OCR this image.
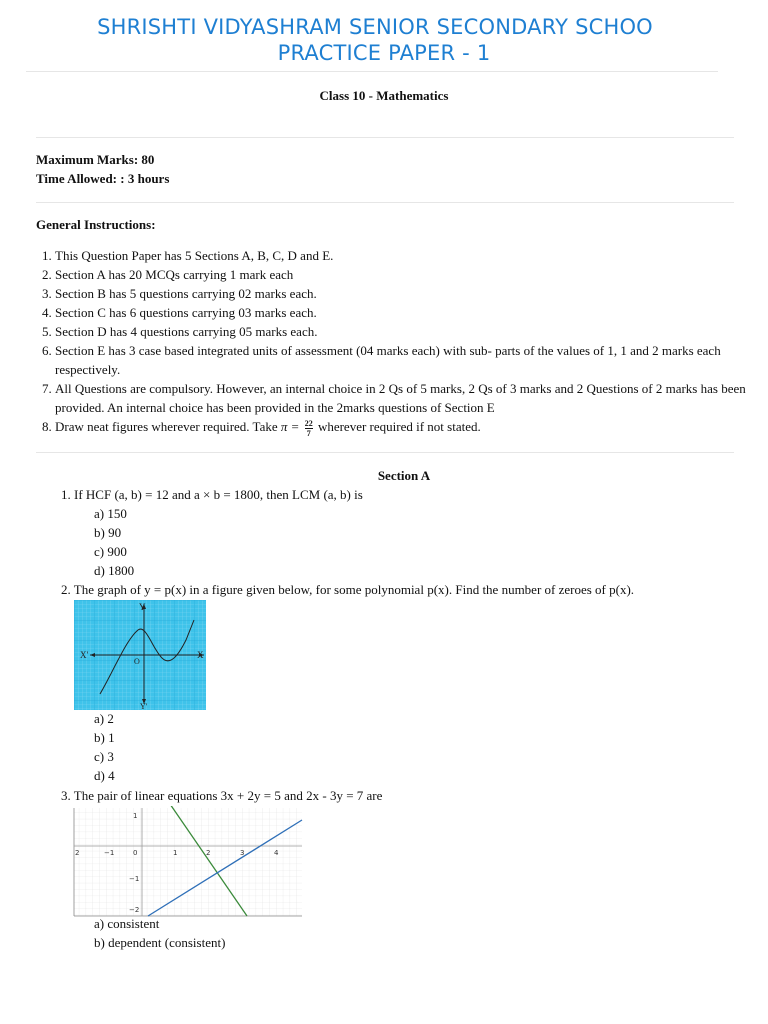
SHRISHTI VIDYASHRAM SENIOR SECONDARY SCHOO
PRACTICE PAPER - 1
Class 10 - Mathematics
Maximum Marks: 80
Time Allowed: : 3 hours
General Instructions:
1. This Question Paper has 5 Sections A, B, C, D and E.
2. Section A has 20 MCQs carrying 1 mark each
3. Section B has 5 questions carrying 02 marks each.
4. Section C has 6 questions carrying 03 marks each.
5. Section D has 4 questions carrying 05 marks each.
6. Section E has 3 case based integrated units of assessment (04 marks each) with sub- parts of the values of 1, 1 and 2 marks each respectively.
7. All Questions are compulsory. However, an internal choice in 2 Qs of 5 marks, 2 Qs of 3 marks and 2 Questions of 2 marks has been provided. An internal choice has been provided in the 2marks questions of Section E
8. Draw neat figures wherever required. Take $\pi = \frac{22}{7}$ wherever required if not stated.
Section A
1. If HCF (a, b) = 12 and a × b = 1800, then LCM (a, b) is
a) 150
b) 90
c) 900
d) 1800
2. The graph of y = p(x) in a figure given below, for some polynomial p(x). Find the number of zeroes of p(x).
Y
X'	X
O
Y'
a) 2
b) 1
c) 3
d) 4
3. The pair of linear equations 3x + 2y = 5 and 2x - 3y = 7 are
1
−1
−2
2	−1	0	1	2	3	4
a) consistent
b) dependent (consistent)
